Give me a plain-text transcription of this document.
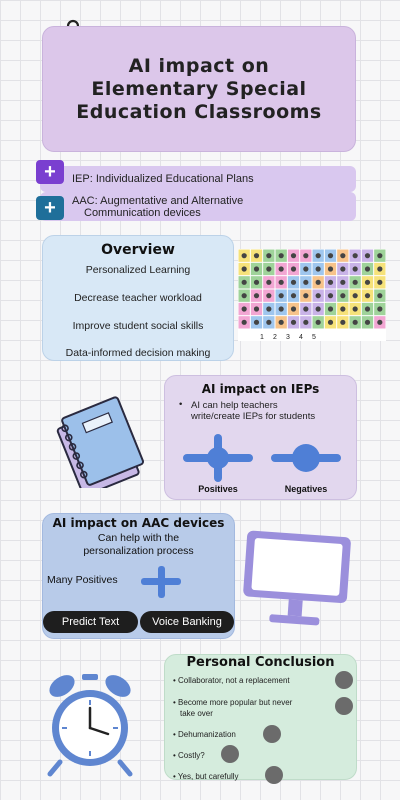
AI impact on
Elementary Special
Education Classrooms
+	IEP: Individualized Educational Plans
+	AAC: Augmentative and Alternative
Communication devices
Overview
Personalized Learning
Decrease teacher workload
Improve student social skills
Data-informed decision making
1 2 3 4 5
AI impact on IEPs
• AI can help teachers
write/create IEPs for students
Positives	Negatives
AI impact on AAC devices
Can help with the
personalization process
Many Positives
Predict Text	Voice Banking
Personal Conclusion
• Collaborator, not a replacement
• Become more popular but never
take over
• Dehumanization
• Costly?
• Yes, but carefully
